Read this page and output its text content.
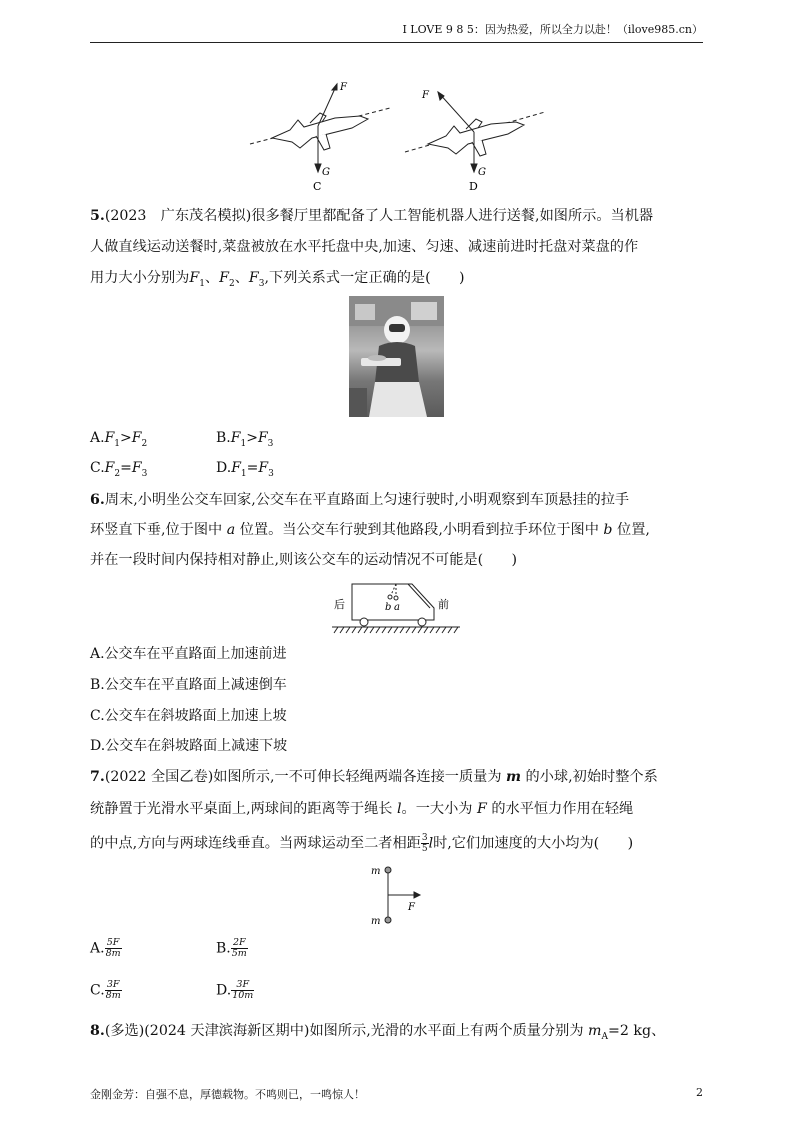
I LOVE 9 8 5：因为热爱，所以全力以赴！（ilove985.cn）
F
G
C
F
G
D
5.(2023　广东茂名模拟)很多餐厅里都配备了人工智能机器人进行送餐,如图所示。当机器
人做直线运动送餐时,菜盘被放在水平托盘中央,加速、匀速、减速前进时托盘对菜盘的作
用力大小分别为$F_1$、$F_2$、$F_3$,下列关系式一定正确的是(　　)
$A.F_1>F_2$	$B.F_1>F_3$
$C.F_2=F_3$	$D.F_1=F_3$
6.周末,小明坐公交车回家,公交车在平直路面上匀速行驶时,小明观察到车顶悬挂的拉手
环竖直下垂,位于图中 a 位置。当公交车行驶到其他路段,小明看到拉手环位于图中 b 位置,
并在一段时间内保持相对静止,则该公交车的运动情况不可能是(　　)
b a
后	前
A.公交车在平直路面上加速前进
B.公交车在平直路面上减速倒车
C.公交车在斜坡路面上加速上坡
D.公交车在斜坡路面上减速下坡
7.(2022 全国乙卷)如图所示,一不可伸长轻绳两端各连接一质量为 m 的小球,初始时整个系
统静置于光滑水平桌面上,两球间的距离等于绳长 l。一大小为 F 的水平恒力作用在轻绳
的中点,方向与两球连线垂直。当两球运动至二者相距 $\frac{3}{5}$ l时,它们加速度的大小均为(　　)
m
m
F
A. $\frac{5F}{8m}$	B. $\frac{2F}{5m}$
C. $\frac{3F}{8m}$	D. $\frac{3F}{10m}$
8.(多选)(2024 天津滨海新区期中)如图所示,光滑的水平面上有两个质量分别为 $m_A=2$ kg、
金刚金芳：自强不息，厚德载物。不鸣则已，一鸣惊人！	2
